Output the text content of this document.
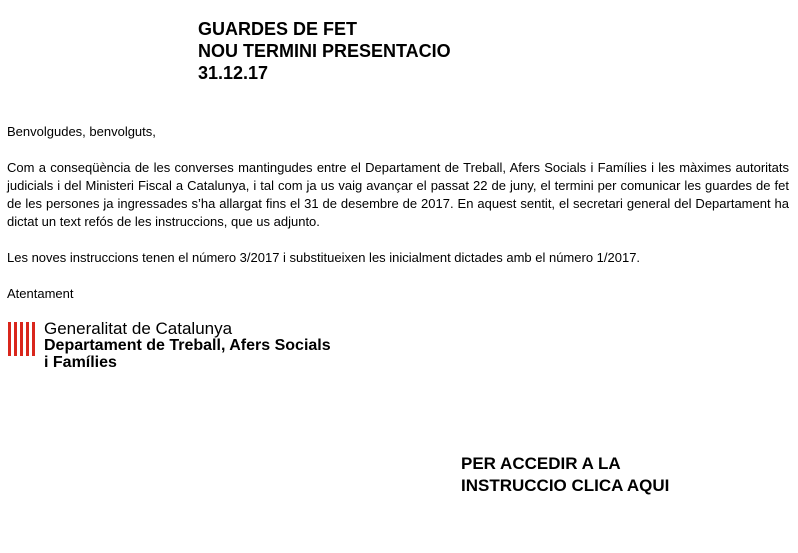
GUARDES DE FET
NOU TERMINI PRESENTACIO
31.12.17

Benvolgudes, benvolguts,

Com a conseqüència de les converses mantingudes entre el Departament de Treball, Afers Socials i Famílies i les màximes autoritats judicials i del Ministeri Fiscal a Catalunya, i tal com ja us vaig avançar el passat 22 de juny, el termini per comunicar les guardes de fet de les persones ja ingressades s’ha allargat fins el 31 de desembre de 2017. En aquest sentit, el secretari general del Departament ha dictat un text refós de les instruccions, que us adjunto.

Les noves instruccions tenen el número 3/2017 i substitueixen les inicialment dictades amb el número 1/2017.

Atentament

Generalitat de Catalunya
Departament de Treball, Afers Socials
i Famílies
PER ACCEDIR A LA
INSTRUCCIO CLICA AQUI
